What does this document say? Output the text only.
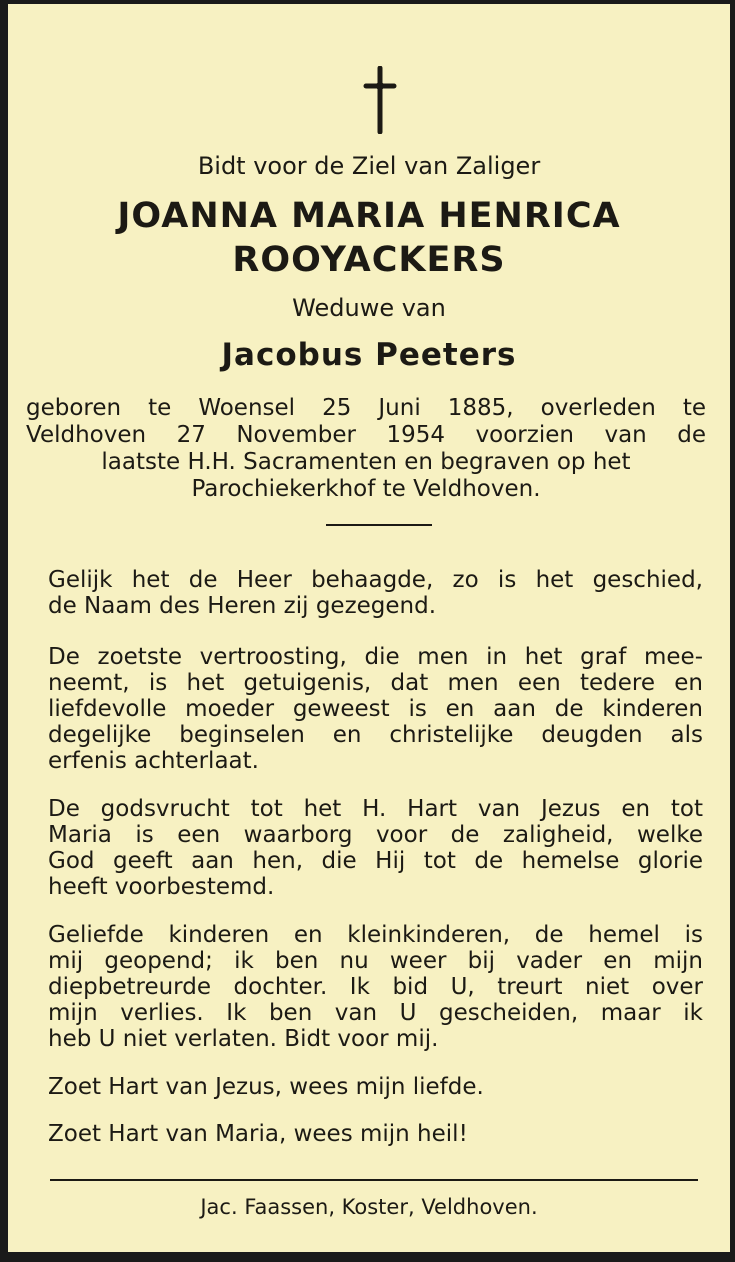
Bidt voor de Ziel van Zaliger
JOANNA MARIA HENRICA
ROOYACKERS
Weduwe van
Jacobus Peeters
geboren te Woensel 25 Juni 1885, overleden te
Veldhoven 27 November 1954 voorzien van de
laatste H.H. Sacramenten en begraven op het
Parochiekerkhof te Veldhoven.

Gelijk het de Heer behaagde, zo is het geschied,
de Naam des Heren zij gezegend.

De zoetste vertroosting, die men in het graf mee-
neemt, is het getuigenis, dat men een tedere en
liefdevolle moeder geweest is en aan de kinderen
degelijke beginselen en christelijke deugden als
erfenis achterlaat.

De godsvrucht tot het H. Hart van Jezus en tot
Maria is een waarborg voor de zaligheid, welke
God geeft aan hen, die Hij tot de hemelse glorie
heeft voorbestemd.

Geliefde kinderen en kleinkinderen, de hemel is
mij geopend; ik ben nu weer bij vader en mijn
diepbetreurde dochter. Ik bid U, treurt niet over
mijn verlies. Ik ben van U gescheiden, maar ik
heb U niet verlaten. Bidt voor mij.

Zoet Hart van Jezus, wees mijn liefde.
Zoet Hart van Maria, wees mijn heil!
Jac. Faassen, Koster, Veldhoven.
